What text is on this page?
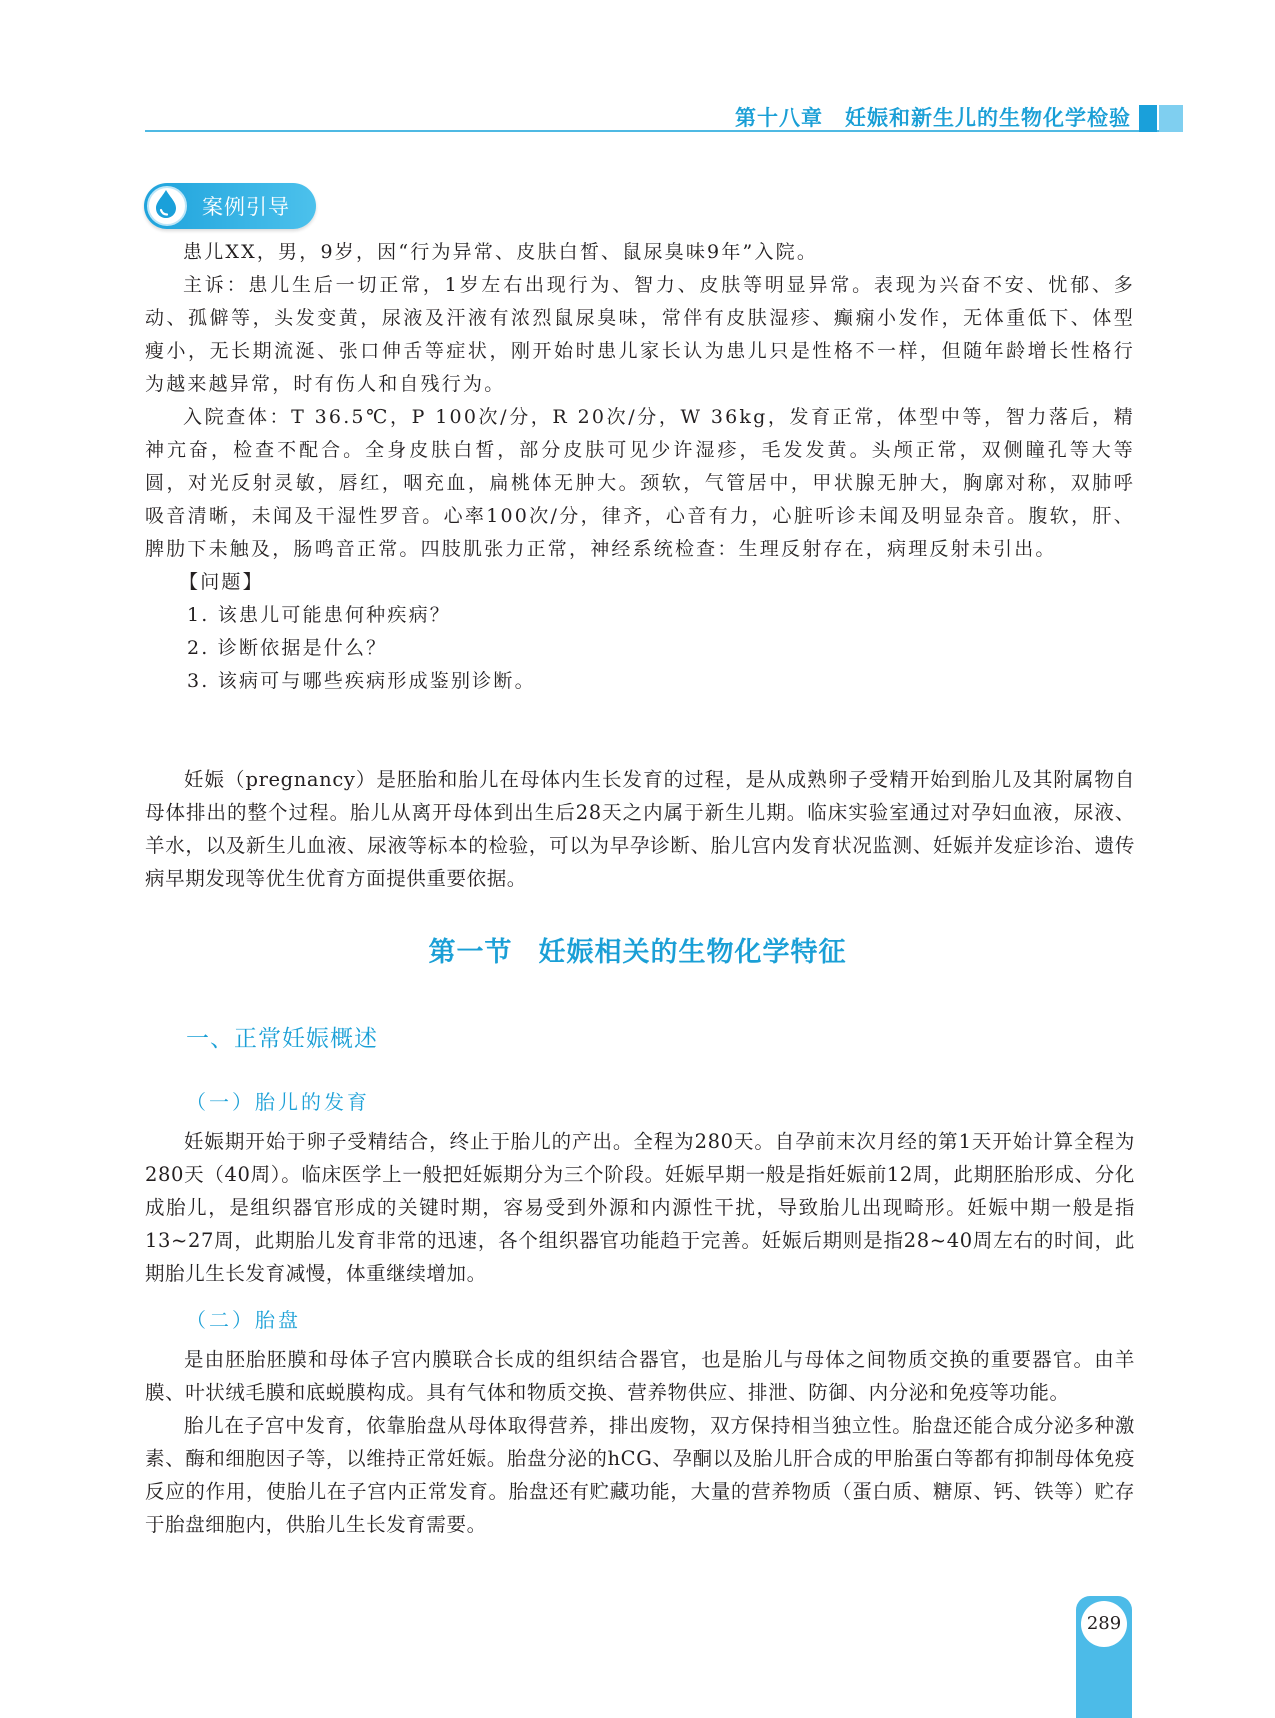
第十八章 妊娠和新生儿的生物化学检验
案例引导

患儿XX，男，9岁，因“行为异常、皮肤白皙、鼠尿臭味9年”入院。

主诉：患儿生后一切正常，1岁左右出现行为、智力、皮肤等明显异常。表现为兴奋不安、忧郁、多动、孤僻等，头发变黄，尿液及汗液有浓烈鼠尿臭味，常伴有皮肤湿疹、癫痫小发作，无体重低下、体型瘦小，无长期流涎、张口伸舌等症状，刚开始时患儿家长认为患儿只是性格不一样，但随年龄增长性格行为越来越异常，时有伤人和自残行为。

入院查体：T 36.5℃，P 100次/分，R 20次/分，W 36kg，发育正常，体型中等，智力落后，精神亢奋，检查不配合。全身皮肤白皙，部分皮肤可见少许湿疹，毛发发黄。头颅正常，双侧瞳孔等大等圆，对光反射灵敏，唇红，咽充血，扁桃体无肿大。颈软，气管居中，甲状腺无肿大，胸廓对称，双肺呼吸音清晰，未闻及干湿性罗音。心率100次/分，律齐，心音有力，心脏听诊未闻及明显杂音。腹软，肝、脾肋下未触及，肠鸣音正常。四肢肌张力正常，神经系统检查：生理反射存在，病理反射未引出。

【问题】

1. 该患儿可能患何种疾病？

2. 诊断依据是什么？

3. 该病可与哪些疾病形成鉴别诊断。

妊娠（pregnancy）是胚胎和胎儿在母体内生长发育的过程，是从成熟卵子受精开始到胎儿及其附属物自母体排出的整个过程。胎儿从离开母体到出生后28天之内属于新生儿期。临床实验室通过对孕妇血液，尿液、羊水，以及新生儿血液、尿液等标本的检验，可以为早孕诊断、胎儿宫内发育状况监测、妊娠并发症诊治、遗传病早期发现等优生优育方面提供重要依据。

第一节 妊娠相关的生物化学特征
一、正常妊娠概述
（一）胎儿的发育

妊娠期开始于卵子受精结合，终止于胎儿的产出。全程为280天。自孕前末次月经的第1天开始计算全程为280天（40周）。临床医学上一般把妊娠期分为三个阶段。妊娠早期一般是指妊娠前12周，此期胚胎形成、分化成胎儿，是组织器官形成的关键时期，容易受到外源和内源性干扰，导致胎儿出现畸形。妊娠中期一般是指13~27周，此期胎儿发育非常的迅速，各个组织器官功能趋于完善。妊娠后期则是指28~40周左右的时间，此期胎儿生长发育减慢，体重继续增加。

（二）胎盘

是由胚胎胚膜和母体子宫内膜联合长成的组织结合器官，也是胎儿与母体之间物质交换的重要器官。由羊膜、叶状绒毛膜和底蜕膜构成。具有气体和物质交换、营养物供应、排泄、防御、内分泌和免疫等功能。

胎儿在子宫中发育，依靠胎盘从母体取得营养，排出废物，双方保持相当独立性。胎盘还能合成分泌多种激素、酶和细胞因子等，以维持正常妊娠。胎盘分泌的hCG、孕酮以及胎儿肝合成的甲胎蛋白等都有抑制母体免疫反应的作用，使胎儿在子宫内正常发育。胎盘还有贮藏功能，大量的营养物质（蛋白质、糖原、钙、铁等）贮存于胎盘细胞内，供胎儿生长发育需要。

289
